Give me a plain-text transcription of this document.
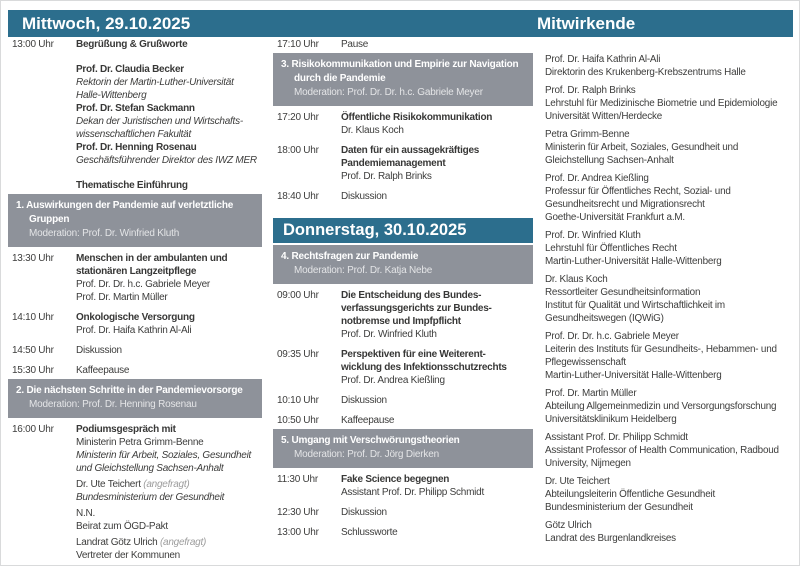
Mittwoch, 29.10.2025	Mitwirkende
13:00 Uhr	Begrüßung & Grußworte
Prof. Dr. Claudia Becker
Rektorin der Martin-Luther-Universität
Halle-Wittenberg
Prof. Dr. Stefan Sackmann
Dekan der Juristischen und Wirtschafts-
wissenschaftlichen Fakultät
Prof. Dr. Henning Rosenau
Geschäftsführender Direktor des IWZ MER
Thematische Einführung
1. Auswirkungen der Pandemie auf verletztliche
Gruppen
Moderation: Prof. Dr. Winfried Kluth
13:30 Uhr	Menschen in der ambulanten und
stationären Langzeitpflege
Prof. Dr. Dr. h.c. Gabriele Meyer
Prof. Dr. Martin Müller
14:10 Uhr	Onkologische Versorgung
Prof. Dr. Haifa Kathrin Al-Ali
14:50 Uhr	Diskussion
15:30 Uhr	Kaffeepause
2. Die nächsten Schritte in der Pandemievorsorge
Moderation: Prof. Dr. Henning Rosenau
16:00 Uhr	Podiumsgespräch mit
Ministerin Petra Grimm-Benne
Ministerin für Arbeit, Soziales, Gesundheit
und Gleichstellung Sachsen-Anhalt
Dr. Ute Teichert (angefragt)
Bundesministerium der Gesundheit
N.N.
Beirat zum ÖGD-Pakt
Landrat Götz Ulrich (angefragt)
Vertreter der Kommunen
17:10 Uhr	Pause
3. Risikokommunikation und Empirie zur Navigation
durch die Pandemie
Moderation: Prof. Dr. Dr. h.c. Gabriele Meyer
17:20 Uhr	Öffentliche Risikokommunikation
Dr. Klaus Koch
18:00 Uhr	Daten für ein aussagekräftiges
Pandemiemanagement
Prof. Dr. Ralph Brinks
18:40 Uhr	Diskussion
Donnerstag, 30.10.2025
4. Rechtsfragen zur Pandemie
Moderation: Prof. Dr. Katja Nebe
09:00 Uhr	Die Entscheidung des Bundes-
verfassungsgerichts zur Bundes-
notbremse und Impfpflicht
Prof. Dr. Winfried Kluth
09:35 Uhr	Perspektiven für eine Weiterent-
wicklung des Infektionsschutzrechts
Prof. Dr. Andrea Kießling
10:10 Uhr	Diskussion
10:50 Uhr	Kaffeepause
5. Umgang mit Verschwörungstheorien
Moderation: Prof. Dr. Jörg Dierken
11:30 Uhr	Fake Science begegnen
Assistant Prof. Dr. Philipp Schmidt
12:30 Uhr	Diskussion
13:00 Uhr	Schlussworte
Prof. Dr. Haifa Kathrin Al-Ali
Direktorin des Krukenberg-Krebszentrums Halle
Prof. Dr. Ralph Brinks
Lehrstuhl für Medizinische Biometrie und Epidemiologie
Universität Witten/Herdecke
Petra Grimm-Benne
Ministerin für Arbeit, Soziales, Gesundheit und
Gleichstellung Sachsen-Anhalt
Prof. Dr. Andrea Kießling
Professur für Öffentliches Recht, Sozial- und
Gesundheitsrecht und Migrationsrecht
Goethe-Universität Frankfurt a.M.
Prof. Dr. Winfried Kluth
Lehrstuhl für Öffentliches Recht
Martin-Luther-Universität Halle-Wittenberg
Dr. Klaus Koch
Ressortleiter Gesundheitsinformation
Institut für Qualität und Wirtschaftlichkeit im
Gesundheitswegen (IQWiG)
Prof. Dr. Dr. h.c. Gabriele Meyer
Leiterin des Instituts für Gesundheits-, Hebammen- und
Pflegewissenschaft
Martin-Luther-Universität Halle-Wittenberg
Prof. Dr. Martin Müller
Abteilung Allgemeinmedizin und Versorgungsforschung
Universitätsklinikum Heidelberg
Assistant Prof. Dr. Philipp Schmidt
Assistant Professor of Health Communication, Radboud
University, Nijmegen
Dr. Ute Teichert
Abteilungsleiterin Öffentliche Gesundheit
Bundesministerium der Gesundheit
Götz Ulrich
Landrat des Burgenlandkreises
